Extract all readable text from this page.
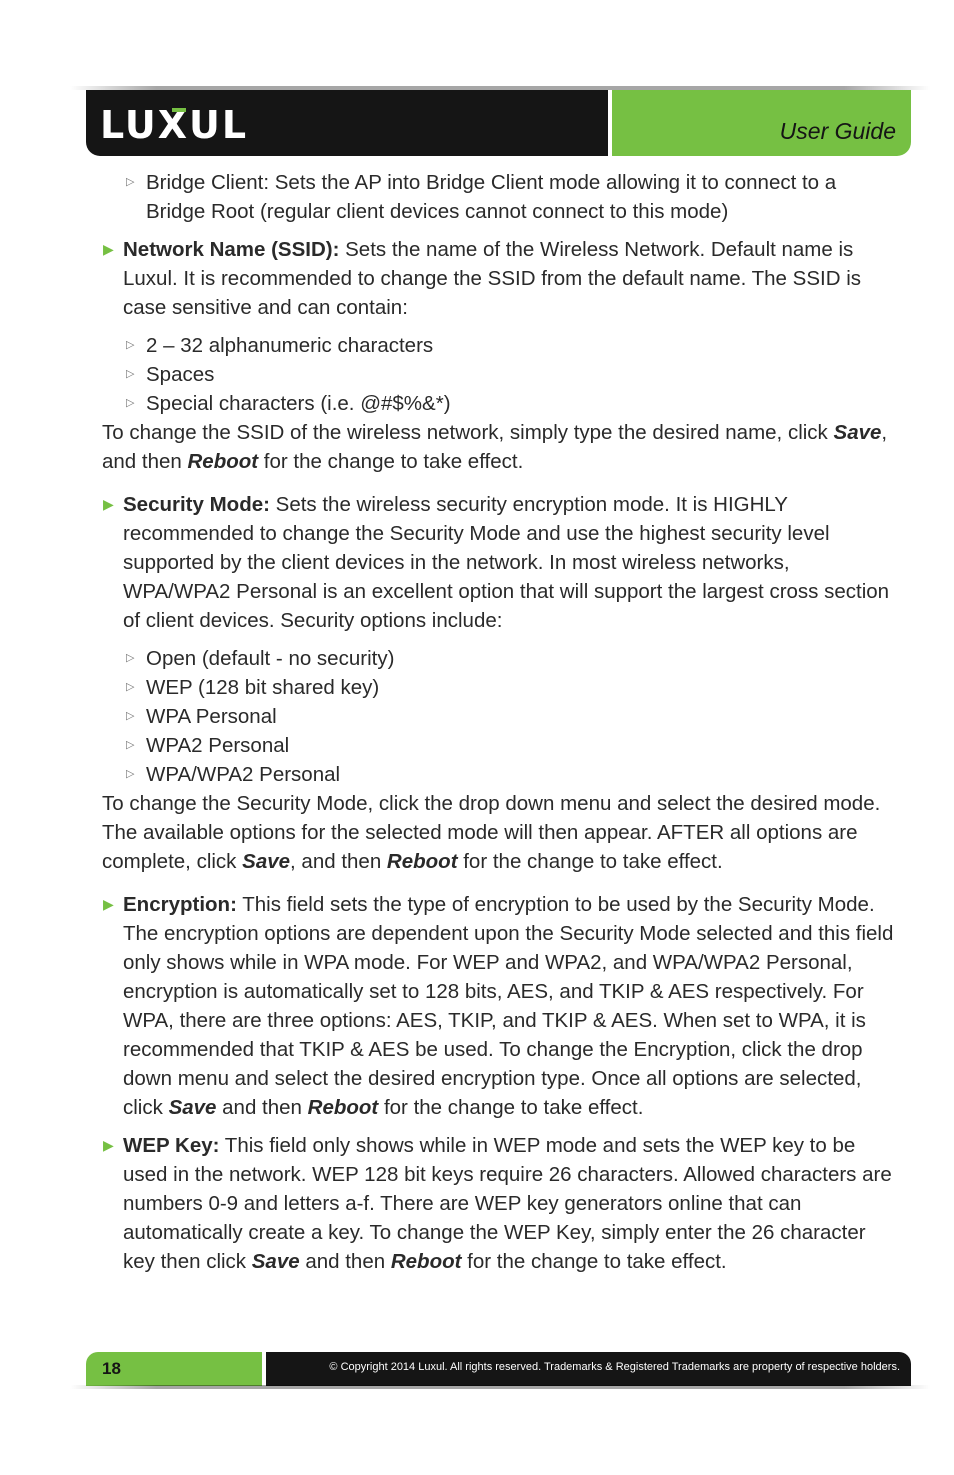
LUXUL	User Guide

▷ Bridge Client: Sets the AP into Bridge Client mode allowing it to connect to a Bridge Root (regular client devices cannot connect to this mode)

▶ Network Name (SSID): Sets the name of the Wireless Network. Default name is Luxul. It is recommended to change the SSID from the default name. The SSID is case sensitive and can contain:

▷ 2 – 32 alphanumeric characters

▷ Spaces

▷ Special characters (i.e. @#$%&*)

To change the SSID of the wireless network, simply type the desired name, click Save, and then Reboot for the change to take effect.

▶ Security Mode: Sets the wireless security encryption mode. It is HIGHLY recommended to change the Security Mode and use the highest security level supported by the client devices in the network. In most wireless networks, WPA/WPA2 Personal is an excellent option that will support the largest cross section of client devices. Security options include:

▷ Open (default - no security)

▷ WEP (128 bit shared key)

▷ WPA Personal

▷ WPA2 Personal

▷ WPA/WPA2 Personal

To change the Security Mode, click the drop down menu and select the desired mode. The available options for the selected mode will then appear. AFTER all options are complete, click Save, and then Reboot for the change to take effect.

▶ Encryption: This field sets the type of encryption to be used by the Security Mode. The encryption options are dependent upon the Security Mode selected and this field only shows while in WPA mode. For WEP and WPA2, and WPA/WPA2 Personal, encryption is automatically set to 128 bits, AES, and TKIP & AES respectively. For WPA, there are three options: AES, TKIP, and TKIP & AES. When set to WPA, it is recommended that TKIP & AES be used. To change the Encryption, click the drop down menu and select the desired encryption type. Once all options are selected, click Save and then Reboot for the change to take effect.

▶ WEP Key: This field only shows while in WEP mode and sets the WEP key to be used in the network. WEP 128 bit keys require 26 characters. Allowed characters are numbers 0-9 and letters a-f. There are WEP key generators online that can automatically create a key. To change the WEP Key, simply enter the 26 character key then click Save and then Reboot for the change to take effect.

18	© Copyright 2014 Luxul. All rights reserved. Trademarks & Registered Trademarks are property of respective holders.
